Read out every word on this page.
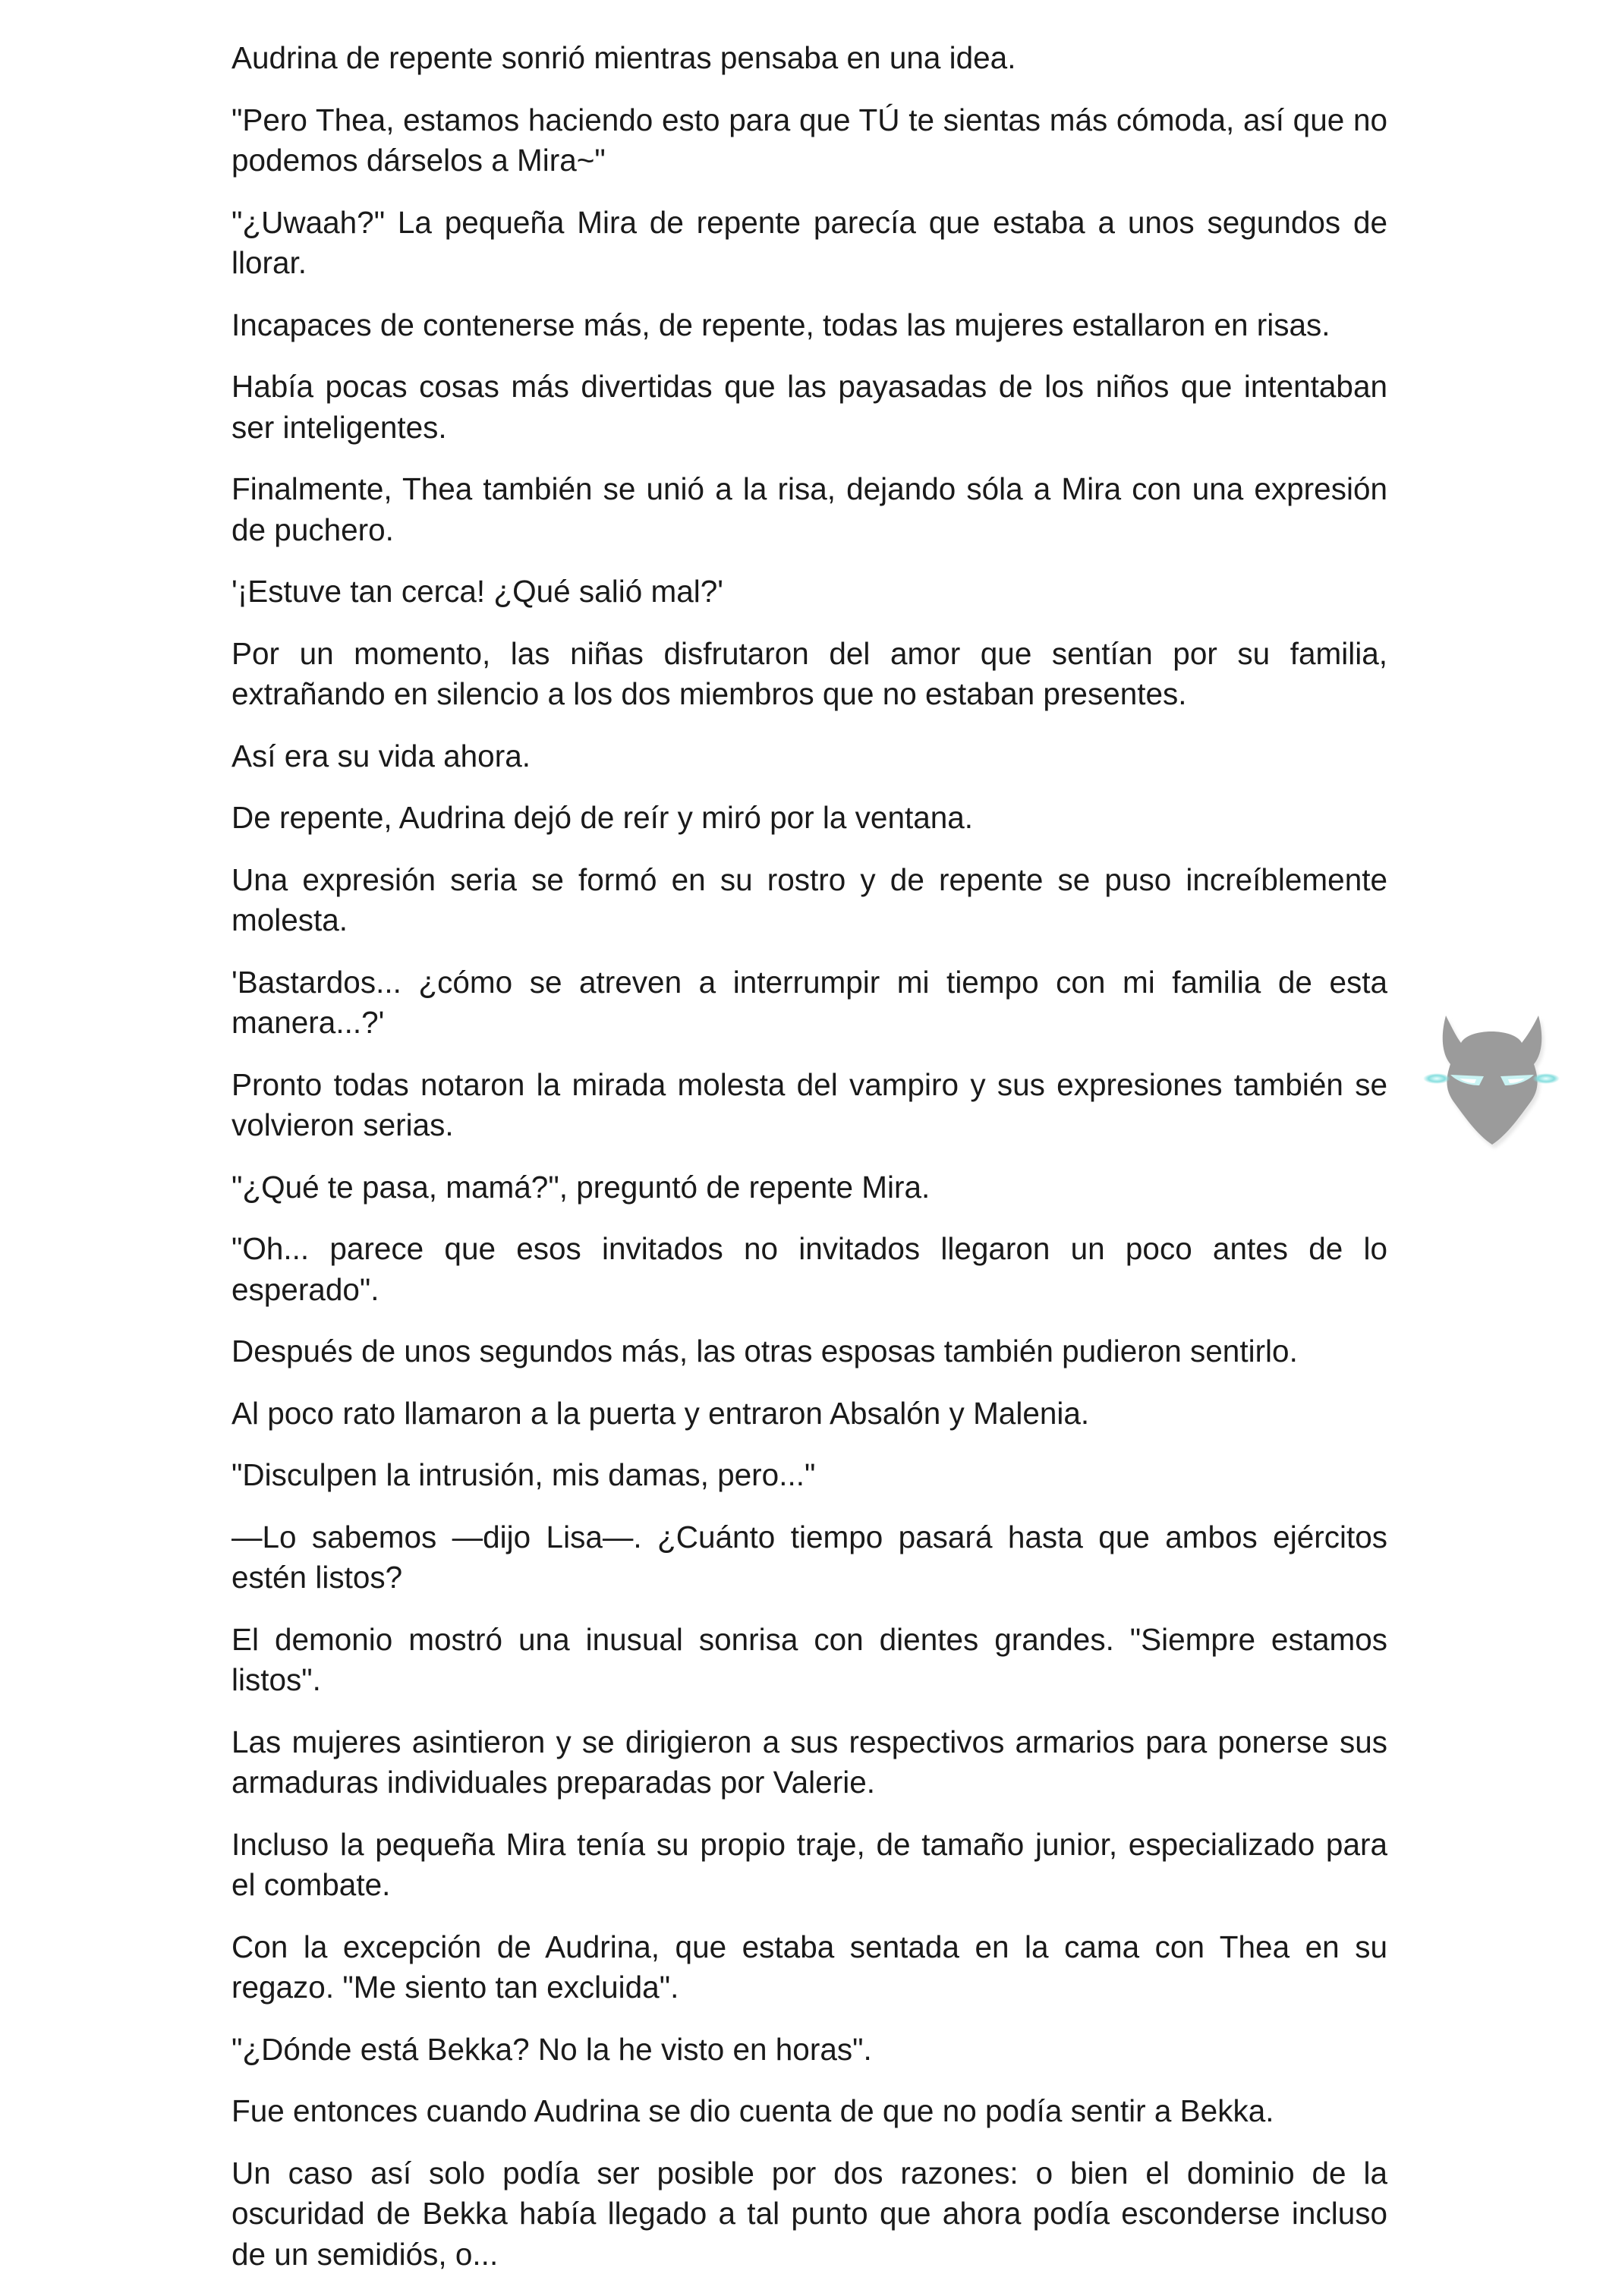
Audrina de repente sonrió mientras pensaba en una idea.

"Pero Thea, estamos haciendo esto para que TÚ te sientas más cómoda, así que no podemos dárselos a Mira~"

"¿Uwaah?" La pequeña Mira de repente parecía que estaba a unos segundos de llorar.

Incapaces de contenerse más, de repente, todas las mujeres estallaron en risas.

Había pocas cosas más divertidas que las payasadas de los niños que intentaban ser inteligentes.

Finalmente, Thea también se unió a la risa, dejando sóla a Mira con una expresión de puchero.

'¡Estuve tan cerca! ¿Qué salió mal?'

Por un momento, las niñas disfrutaron del amor que sentían por su familia, extrañando en silencio a los dos miembros que no estaban presentes.

Así era su vida ahora.

De repente, Audrina dejó de reír y miró por la ventana.

Una expresión seria se formó en su rostro y de repente se puso increíblemente molesta.

'Bastardos... ¿cómo se atreven a interrumpir mi tiempo con mi familia de esta manera...?'

Pronto todas notaron la mirada molesta del vampiro y sus expresiones también se volvieron serias.

"¿Qué te pasa, mamá?", preguntó de repente Mira.

"Oh... parece que esos invitados no invitados llegaron un poco antes de lo esperado".

Después de unos segundos más, las otras esposas también pudieron sentirlo.

Al poco rato llamaron a la puerta y entraron Absalón y Malenia.

"Disculpen la intrusión, mis damas, pero..."

—Lo sabemos —dijo Lisa—. ¿Cuánto tiempo pasará hasta que ambos ejércitos estén listos?

El demonio mostró una inusual sonrisa con dientes grandes. "Siempre estamos listos".

Las mujeres asintieron y se dirigieron a sus respectivos armarios para ponerse sus armaduras individuales preparadas por Valerie.

Incluso la pequeña Mira tenía su propio traje, de tamaño junior, especializado para el combate.

Con la excepción de Audrina, que estaba sentada en la cama con Thea en su regazo. "Me siento tan excluida".

"¿Dónde está Bekka? No la he visto en horas".

Fue entonces cuando Audrina se dio cuenta de que no podía sentir a Bekka.

Un caso así solo podía ser posible por dos razones: o bien el dominio de la oscuridad de Bekka había llegado a tal punto que ahora podía esconderse incluso de un semidiós, o...
